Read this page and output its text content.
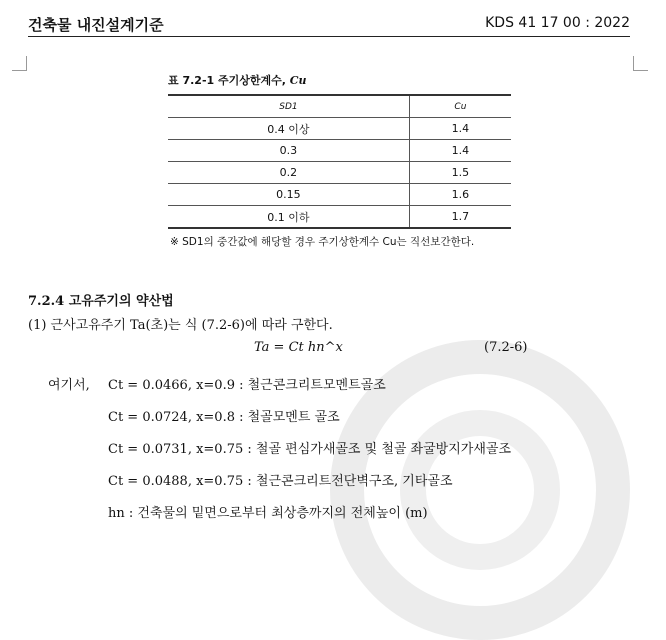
건축물 내진설계기준	KDS 41 17 00 : 2022
표 7.2-1 주기상한계수, Cu
SD1	Cu
0.4 이상	1.4
0.3	1.4
0.2	1.5
0.15	1.6
0.1 이하	1.7
※ SD1의 중간값에 해당할 경우 주기상한계수 Cu는 직선보간한다.
7.2.4 고유주기의 약산법
(1) 근사고유주기 Ta(초)는 식 (7.2-6)에 따라 구한다.
Ta = Ct hn^x	(7.2-6)
여기서, Ct = 0.0466, x=0.9 : 철근콘크리트모멘트골조
Ct = 0.0724, x=0.8 : 철골모멘트 골조
Ct = 0.0731, x=0.75 : 철골 편심가새골조 및 철골 좌굴방지가새골조
Ct = 0.0488, x=0.75 : 철근콘크리트전단벽구조, 기타골조
hn : 건축물의 밑면으로부터 최상층까지의 전체높이 (m)
